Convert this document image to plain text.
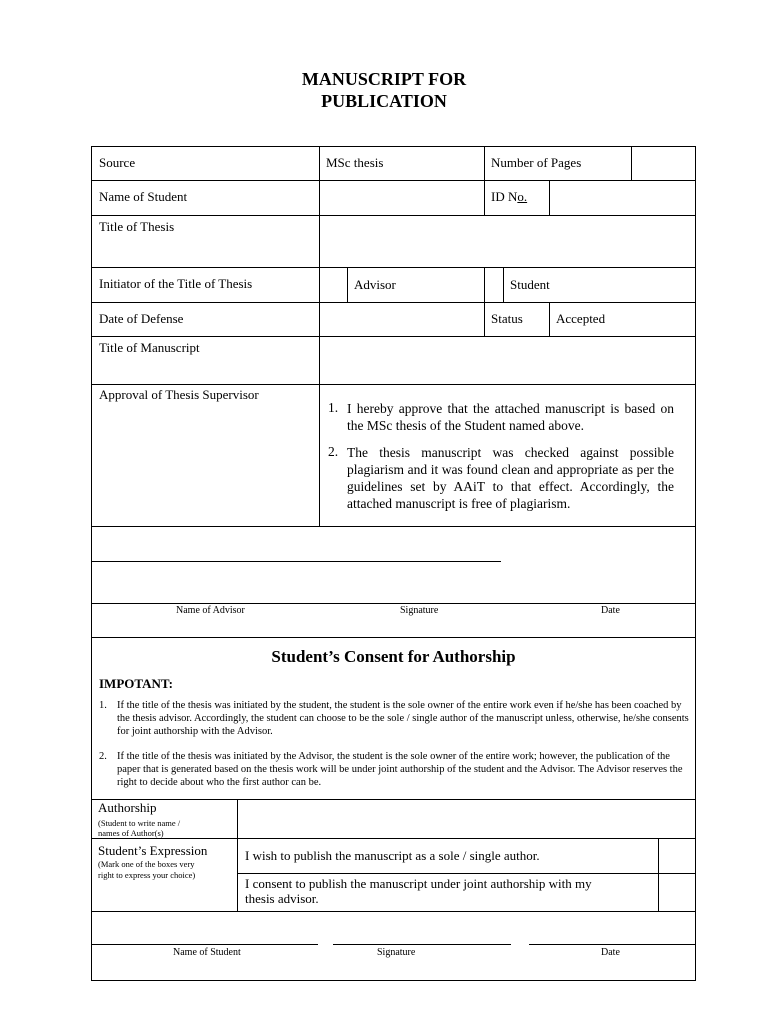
MANUSCRIPT FOR
PUBLICATION
Source	MSc thesis	Number of Pages
Name of Student	ID No.
Title of Thesis
Initiator of the Title of Thesis	Advisor	Student
Date of Defense	Status	Accepted
Title of Manuscript
Approval of Thesis Supervisor
1. I hereby approve that the attached manuscript is based on the MSc thesis of the Student named above.
2. The thesis manuscript was checked against possible plagiarism and it was found clean and appropriate as per the guidelines set by AAiT to that effect. Accordingly, the attached manuscript is free of plagiarism.
Name of Advisor	Signature	Date
Student’s Consent for Authorship
IMPOTANT:
1. If the title of the thesis was initiated by the student, the student is the sole owner of the entire work even if he/she has been coached by the thesis advisor. Accordingly, the student can choose to be the sole / single author of the manuscript unless, otherwise, he/she consents for joint authorship with the Advisor.
2. If the title of the thesis was initiated by the Advisor, the student is the sole owner of the entire work; however, the publication of the paper that is generated based on the thesis work will be under joint authorship of the student and the Advisor. The Advisor reserves the right to decide about who the first author can be.
Authorship
(Student to write name /
names of Author(s)
Student’s Expression
(Mark one of the boxes very
right to express your choice)
I wish to publish the manuscript as a sole / single author.
I consent to publish the manuscript under joint authorship with my
thesis advisor.
Name of Student	Signature	Date
